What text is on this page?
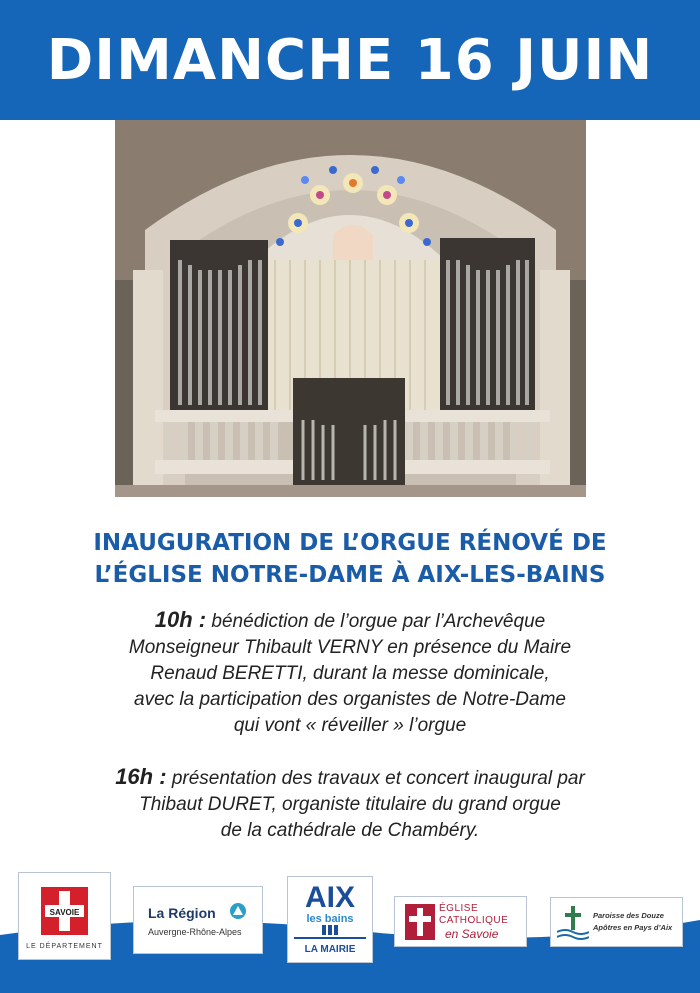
DIMANCHE 16 JUIN
INAUGURATION DE L’ORGUE RÉNOVÉ DE
L’ÉGLISE NOTRE-DAME À AIX-LES-BAINS
10h : bénédiction de l’orgue par l’Archevêque
Monseigneur Thibault VERNY en présence du Maire
Renaud BERETTI, durant la messe dominicale,
avec la participation des organistes de Notre-Dame
qui vont « réveiller » l’orgue
16h : présentation des travaux et concert inaugural par
Thibaut DURET, organiste titulaire du grand orgue
de la cathédrale de Chambéry.
SAVOIE
LE DÉPARTEMENT
La Région
Auvergne-Rhône-Alpes
AIX
les bains
LA MAIRIE
ÉGLISE
CATHOLIQUE
en Savoie
Paroisse des Douze
Apôtres en Pays d’Aix
